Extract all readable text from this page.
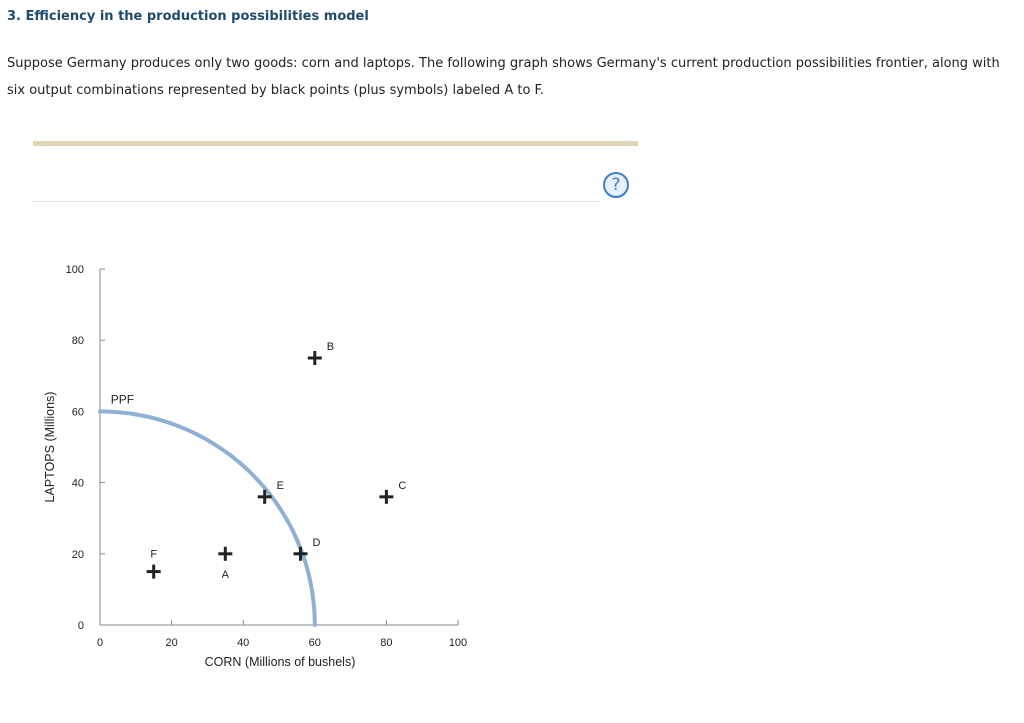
3. Efficiency in the production possibilities model

Suppose Germany produces only two goods: corn and laptops. The following graph shows Germany's current production possibilities frontier, along with six output combinations represented by black points (plus symbols) labeled A to F.

?
0	20	40	60	80	100
0
20
40
60
80
100
PPF
A
B
C
D
E
F
CORN (Millions of bushels)
LAPTOPS (Millions)
